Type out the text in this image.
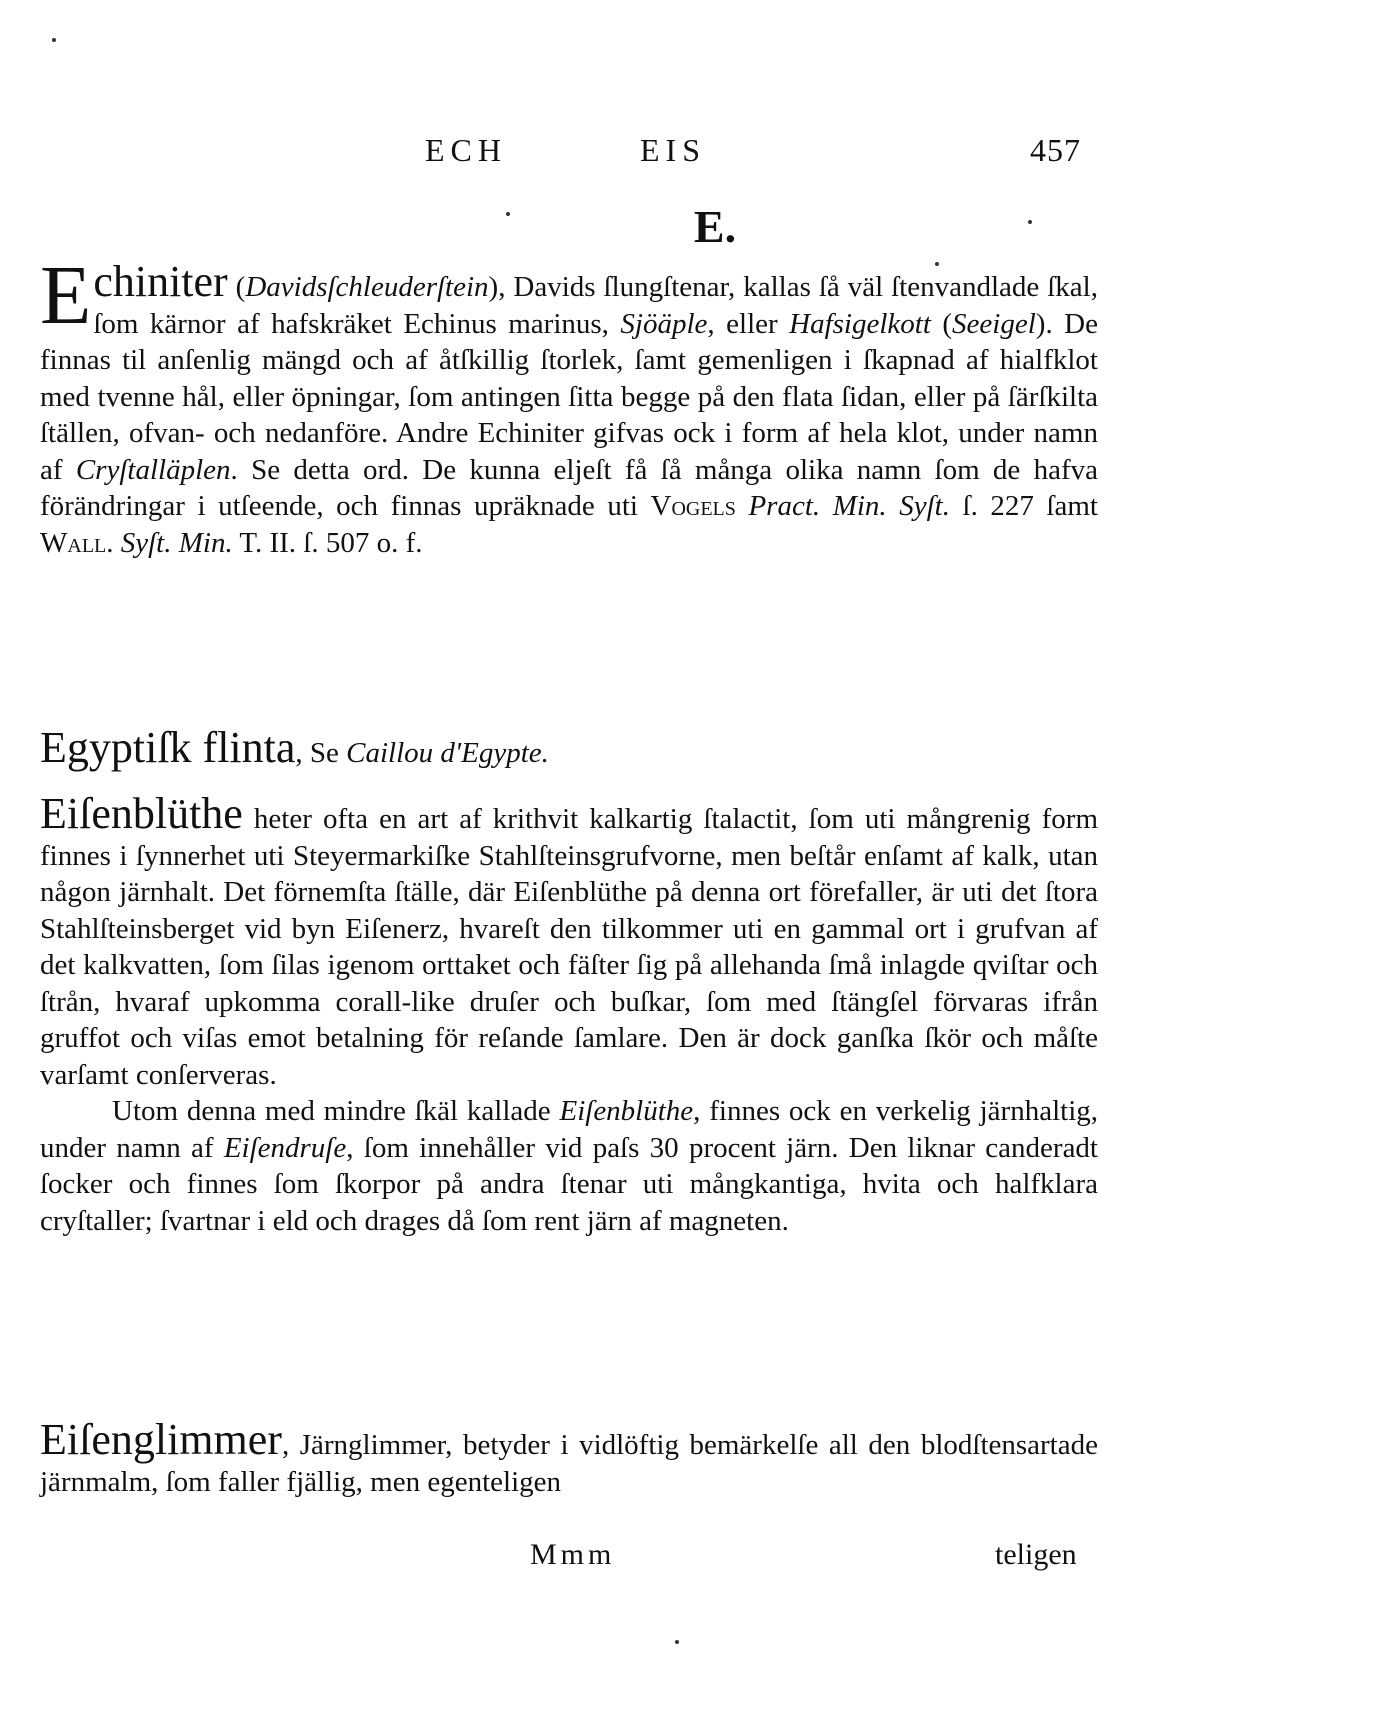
ECH	EIS	457
E.

Echiniter (Davidsſchleuderſtein), Davids ſlungſtenar, kallas ſå väl ſtenvandlade ſkal, ſom kärnor af hafskräket Echinus marinus, Sjöäple, eller Hafsigelkott (Seeigel). De finnas til anſenlig mängd och af åtſkillig ſtorlek, ſamt gemenligen i ſkapnad af hialfklot med tvenne hål, eller öpningar, ſom antingen ſitta begge på den flata ſidan, eller på ſärſkilta ſtällen, ofvan- och nedanföre. Andre Echiniter gifvas ock i form af hela klot, under namn af Cryſtalläplen. Se detta ord. De kunna eljeſt få ſå många olika namn ſom de hafva förändringar i utſeende, och finnas upräknade uti Vogels Pract. Min. Syſt. ſ. 227 ſamt Wall. Syſt. Min. T. II. ſ. 507 o. f.

Egyptiſk flinta, Se Caillou d'Egypte.

Eiſenblüthe heter ofta en art af krithvit kalkartig ſtalactit, ſom uti mångrenig form finnes i ſynnerhet uti Steyermarkiſke Stahlſteinsgrufvorne, men beſtår enſamt af kalk, utan någon järnhalt. Det förnemſta ſtälle, där Eiſenblüthe på denna ort förefaller, är uti det ſtora Stahlſteinsberget vid byn Eiſenerz, hvareſt den tilkommer uti en gammal ort i grufvan af det kalkvatten, ſom ſilas igenom orttaket och fäſter ſig på allehanda ſmå inlagde qviſtar och ſtrån, hvaraf upkomma corall-like druſer och buſkar, ſom med ſtängſel förvaras ifrån gruffot och viſas emot betalning för reſande ſamlare. Den är dock ganſka ſkör och måſte varſamt conſerveras.

Utom denna med mindre ſkäl kallade Eiſenblüthe, finnes ock en verkelig järnhaltig, under namn af Eiſendruſe, ſom innehåller vid paſs 30 procent järn. Den liknar canderadt ſocker och finnes ſom ſkorpor på andra ſtenar uti mångkantiga, hvita och halfklara cryſtaller; ſvartnar i eld och drages då ſom rent järn af magneten.

Eiſenglimmer, Järnglimmer, betyder i vidlöftig bemärkelſe all den blodſtensartade järnmalm, ſom faller fjällig, men egenteligen

Mmm	teligen
